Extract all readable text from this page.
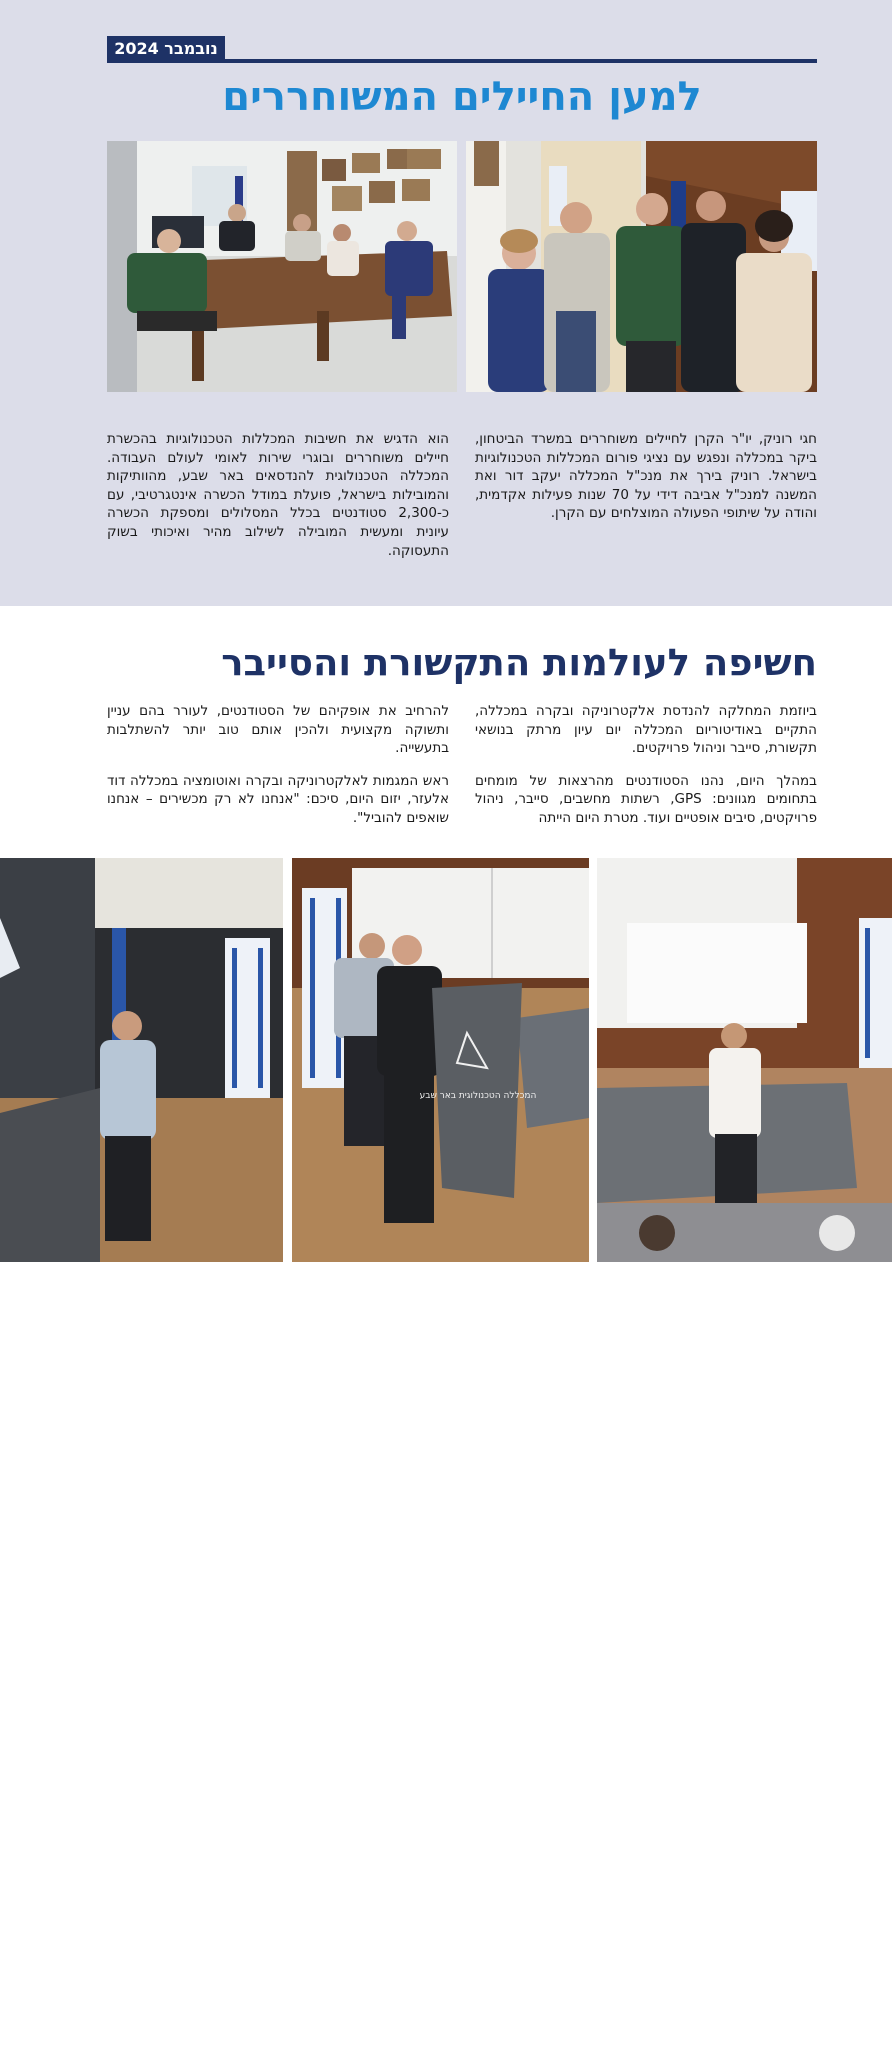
נובמבר 2024
למען החיילים המשוחררים

חגי רוניק, יו"ר הקרן לחיילים משוחררים במשרד הביטחון, ביקר במכללה ונפגש עם נציגי פורום המכללות הטכנולוגיות בישראל. רוניק בירך את מנכ"ל המכללה יעקב דור ואת המשנה למנכ"ל אביבה דידי על 70 שנות פעילות אקדמית, והודה על שיתופי הפעולה המוצלחים עם הקרן.

הוא הדגיש את חשיבות המכללות הטכנולוגיות בהכשרת חיילים משוחררים ובוגרי שירות לאומי לעולם העבודה. המכללה הטכנולוגית להנדסאים באר שבע, מהוותיקות והמובילות בישראל, פועלת במודל הכשרה אינטגרטיבי, עם כ-2,300 סטודנטים בכלל המסלולים ומספקת הכשרה עיונית ומעשית המובילה לשילוב מהיר ואיכותי בשוק התעסוקה.

חשיפה לעולמות התקשורת והסייבר

ביוזמת המחלקה להנדסת אלקטרוניקה ובקרה במכללה, התקיים באודיטוריום המכללה יום עיון מרתק בנושאי תקשורת, סייבר וניהול פרויקטים.

במהלך היום, נהנו הסטודנטים מהרצאות של מומחים בתחומים מגוונים: GPS, רשתות מחשבים, סייבר, ניהול פרויקטים, סיבים אופטיים ועוד. מטרת היום הייתה

להרחיב את אופקיהם של הסטודנטים, לעורר בהם עניין ותשוקה מקצועית ולהכין אותם טוב יותר להשתלבות בתעשייה.

ראש המגמות לאלקטרוניקה ובקרה ואוטומציה במכללה דוד אלעזר, יזום היום, סיכם: "אנחנו לא רק מכשירים – אנחנו שואפים להוביל".

19
המכללה הטכנולוגית באר שבע
